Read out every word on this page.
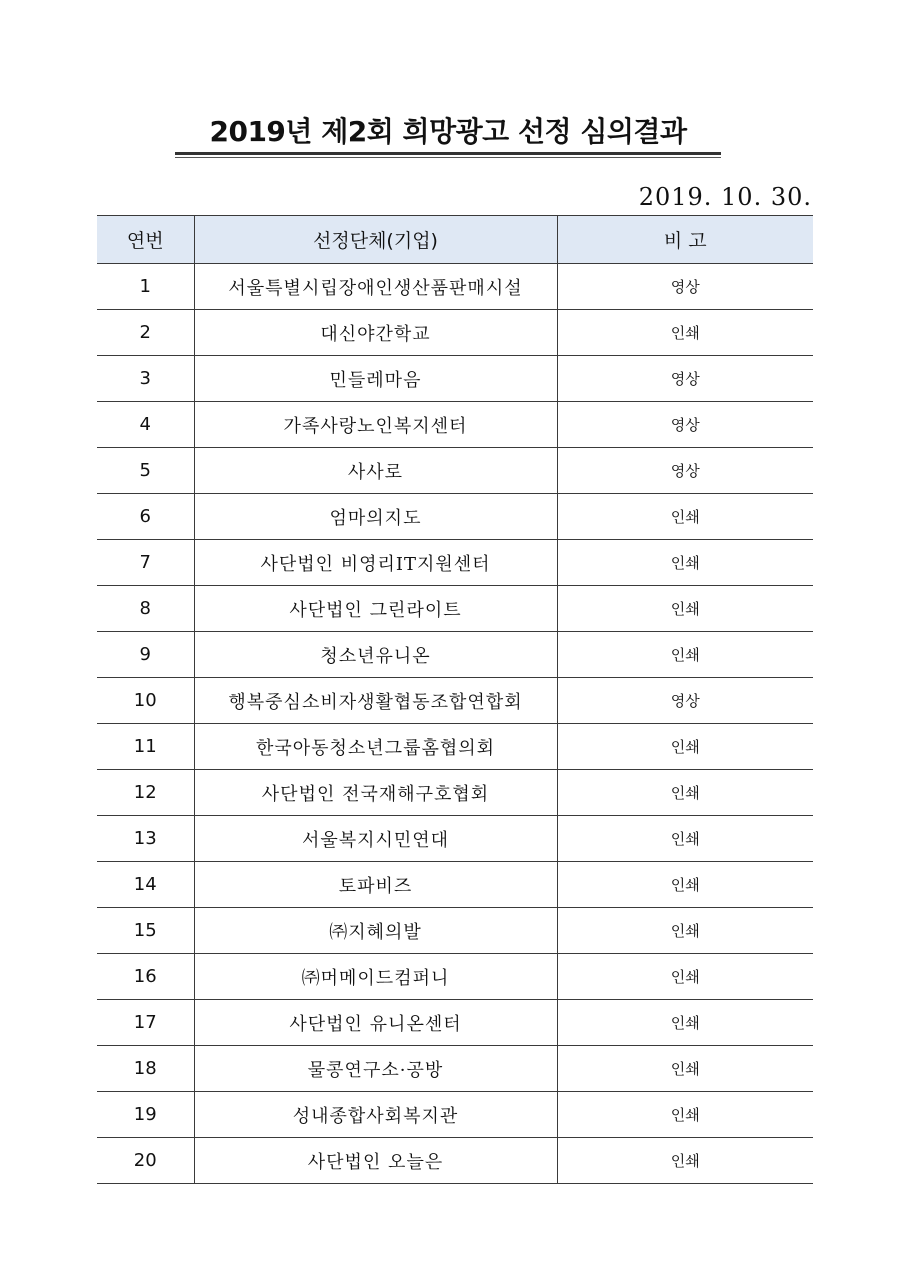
2019년 제2회 희망광고 선정 심의결과
2019. 10. 30.
연번	선정단체(기업)	비 고
1	서울특별시립장애인생산품판매시설	영상
2	대신야간학교	인쇄
3	민들레마음	영상
4	가족사랑노인복지센터	영상
5	사사로	영상
6	엄마의지도	인쇄
7	사단법인 비영리IT지원센터	인쇄
8	사단법인 그린라이트	인쇄
9	청소년유니온	인쇄
10	행복중심소비자생활협동조합연합회	영상
11	한국아동청소년그룹홈협의회	인쇄
12	사단법인 전국재해구호협회	인쇄
13	서울복지시민연대	인쇄
14	토파비즈	인쇄
15	㈜지혜의발	인쇄
16	㈜머메이드컴퍼니	인쇄
17	사단법인 유니온센터	인쇄
18	물콩연구소·공방	인쇄
19	성내종합사회복지관	인쇄
20	사단법인 오늘은	인쇄
